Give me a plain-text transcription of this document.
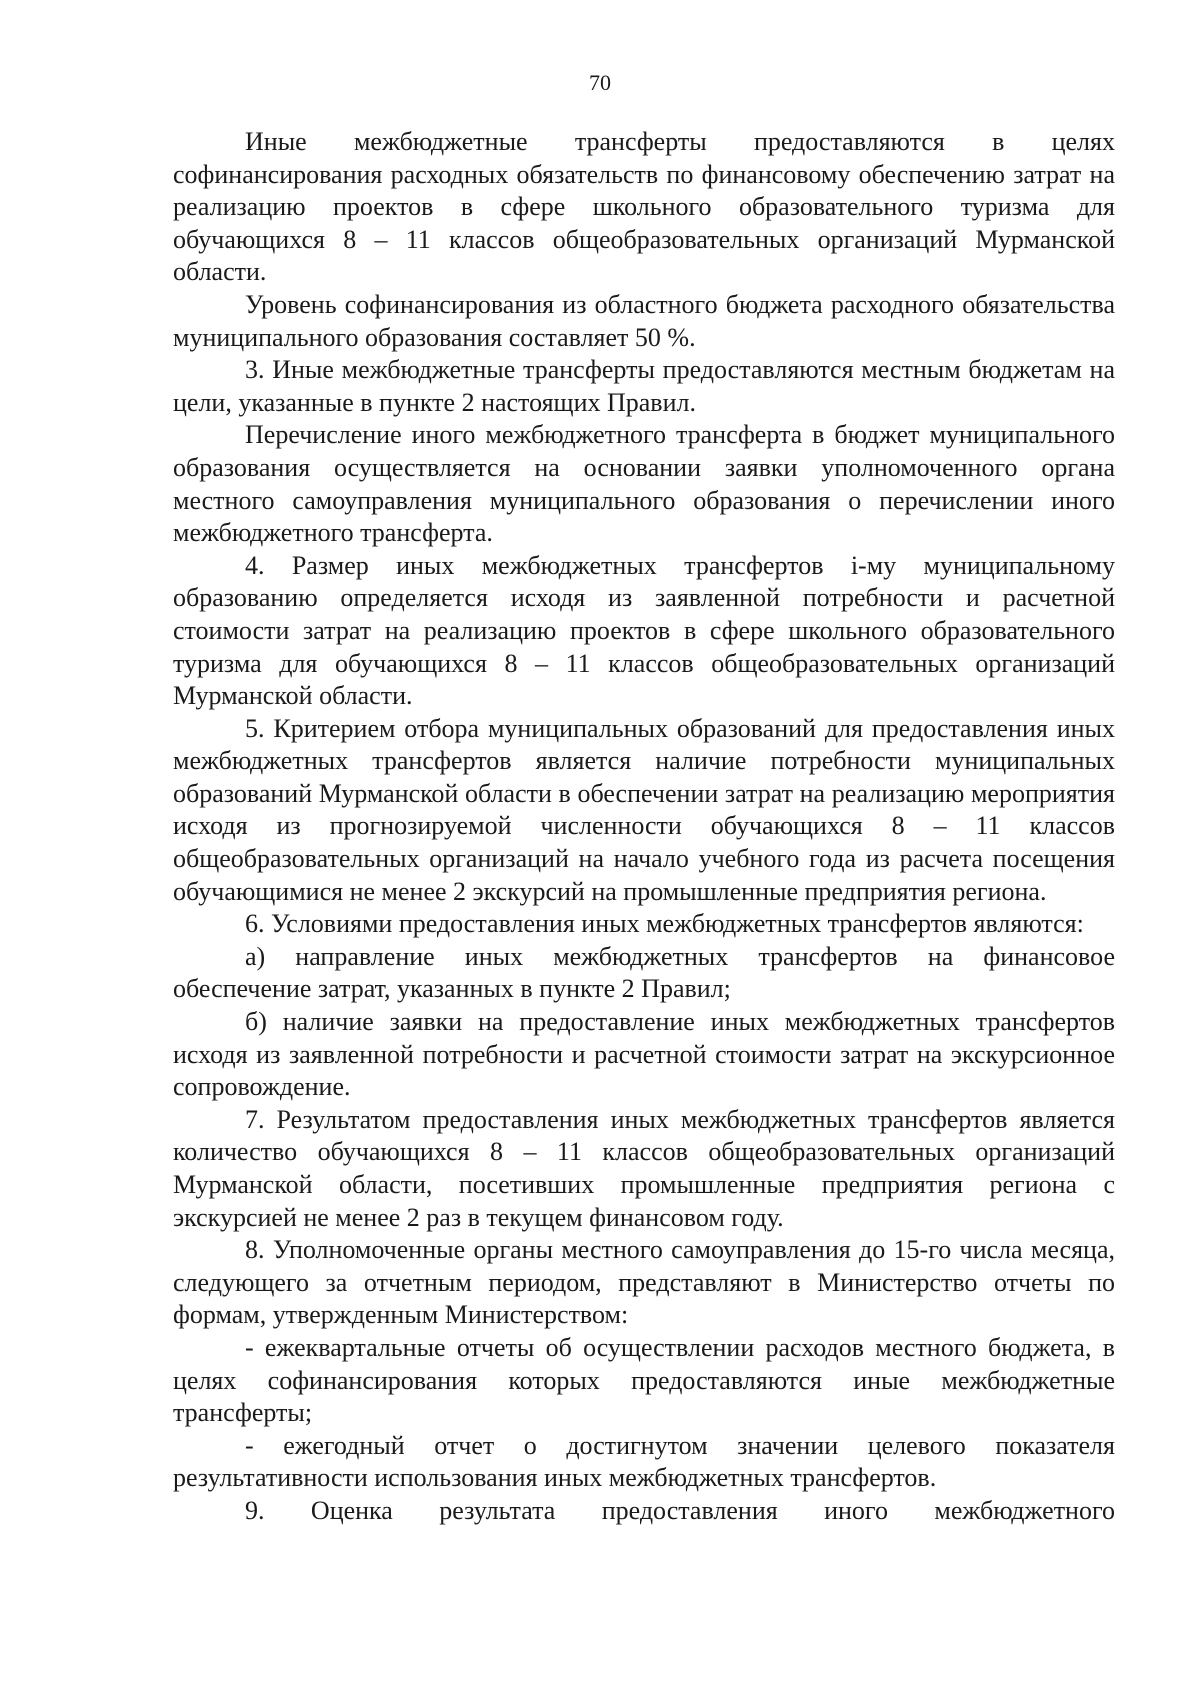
70

Иные межбюджетные трансферты предоставляются в целях софинансирования расходных обязательств по финансовому обеспечению затрат на реализацию проектов в сфере школьного образовательного туризма для обучающихся 8 – 11 классов общеобразовательных организаций Мурманской области.

Уровень софинансирования из областного бюджета расходного обязательства муниципального образования составляет 50 %.

3. Иные межбюджетные трансферты предоставляются местным бюджетам на цели, указанные в пункте 2 настоящих Правил.

Перечисление иного межбюджетного трансферта в бюджет муниципального образования осуществляется на основании заявки уполномоченного органа местного самоуправления муниципального образования о перечислении иного межбюджетного трансферта.

4. Размер иных межбюджетных трансфертов i-му муниципальному образованию определяется исходя из заявленной потребности и расчетной стоимости затрат на реализацию проектов в сфере школьного образовательного туризма для обучающихся 8 – 11 классов общеобразовательных организаций Мурманской области.

5. Критерием отбора муниципальных образований для предоставления иных межбюджетных трансфертов является наличие потребности муниципальных образований Мурманской области в обеспечении затрат на реализацию мероприятия исходя из прогнозируемой численности обучающихся 8 – 11 классов общеобразовательных организаций на начало учебного года из расчета посещения обучающимися не менее 2 экскурсий на промышленные предприятия региона.

6. Условиями предоставления иных межбюджетных трансфертов являются:

а) направление иных межбюджетных трансфертов на финансовое обеспечение затрат, указанных в пункте 2 Правил;

б) наличие заявки на предоставление иных межбюджетных трансфертов исходя из заявленной потребности и расчетной стоимости затрат на экскурсионное сопровождение.

7. Результатом предоставления иных межбюджетных трансфертов является количество обучающихся 8 – 11 классов общеобразовательных организаций Мурманской области, посетивших промышленные предприятия региона с экскурсией не менее 2 раз в текущем финансовом году.

8. Уполномоченные органы местного самоуправления до 15-го числа месяца, следующего за отчетным периодом, представляют в Министерство отчеты по формам, утвержденным Министерством:

- ежеквартальные отчеты об осуществлении расходов местного бюджета, в целях софинансирования которых предоставляются иные межбюджетные трансферты;

- ежегодный отчет о достигнутом значении целевого показателя результативности использования иных межбюджетных трансфертов.

9. Оценка результата предоставления иного межбюджетного
